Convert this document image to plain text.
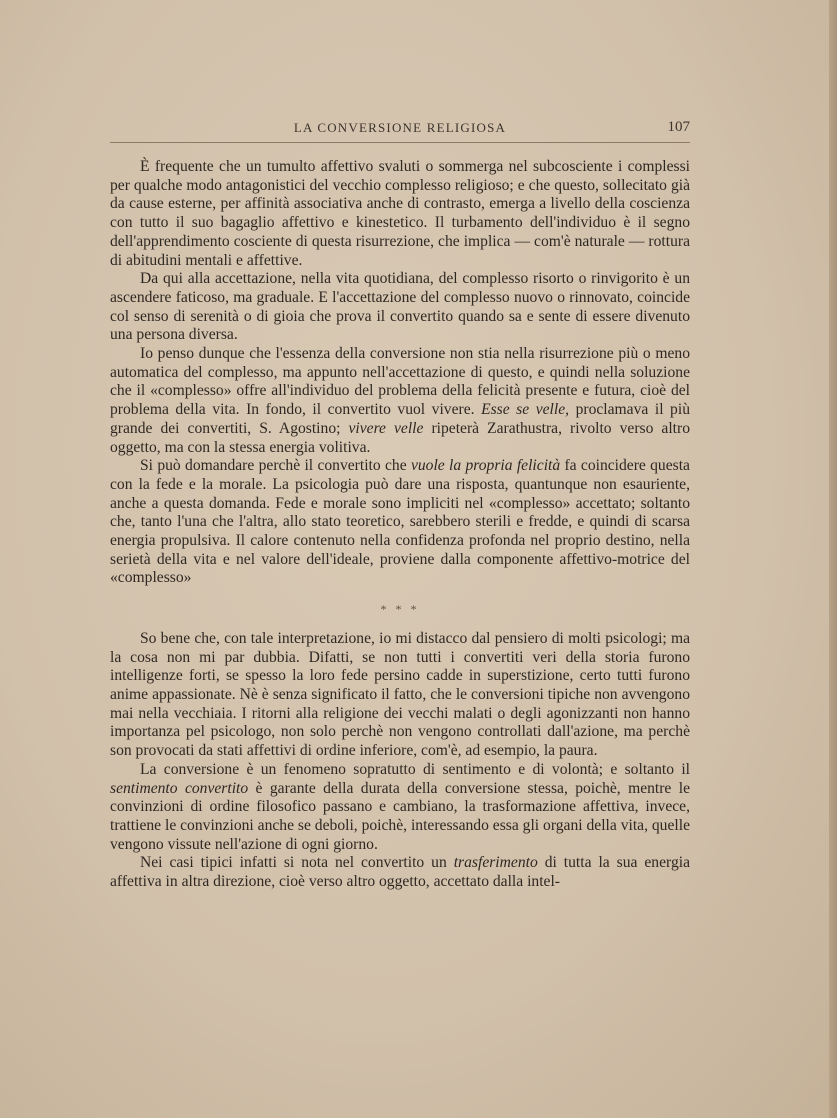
LA CONVERSIONE RELIGIOSA	107

È frequente che un tumulto affettivo svaluti o sommerga nel subcosciente i complessi per qualche modo antagonistici del vecchio complesso religioso; e che questo, sollecitato già da cause esterne, per affinità associativa anche di contrasto, emerga a livello della coscienza con tutto il suo bagaglio affettivo e kinestetico. Il turbamento dell'individuo è il segno dell'apprendimento cosciente di questa risurrezione, che implica — com'è naturale — rottura di abitudini mentali e affettive.

Da qui alla accettazione, nella vita quotidiana, del complesso risorto o rinvigorito è un ascendere faticoso, ma graduale. E l'accettazione del complesso nuovo o rinnovato, coincide col senso di serenità o di gioia che prova il convertito quando sa e sente di essere divenuto una persona diversa.

Io penso dunque che l'essenza della conversione non stia nella risurrezione più o meno automatica del complesso, ma appunto nell'accettazione di questo, e quindi nella soluzione che il «complesso» offre all'individuo del problema della felicità presente e futura, cioè del problema della vita. In fondo, il convertito vuol vivere. Esse se velle, proclamava il più grande dei convertiti, S. Agostino; vivere velle ripeterà Zarathustra, rivolto verso altro oggetto, ma con la stessa energia volitiva.

Si può domandare perchè il convertito che vuole la propria felicità fa coincidere questa con la fede e la morale. La psicologia può dare una risposta, quantunque non esauriente, anche a questa domanda. Fede e morale sono impliciti nel «complesso» accettato; soltanto che, tanto l'una che l'altra, allo stato teoretico, sarebbero sterili e fredde, e quindi di scarsa energia propulsiva. Il calore contenuto nella confidenza profonda nel proprio destino, nella serietà della vita e nel valore dell'ideale, proviene dalla componente affettivo-motrice del «complesso»

* * *

So bene che, con tale interpretazione, io mi distacco dal pensiero di molti psicologi; ma la cosa non mi par dubbia. Difatti, se non tutti i convertiti veri della storia furono intelligenze forti, se spesso la loro fede persino cadde in superstizione, certo tutti furono anime appassionate. Nè è senza significato il fatto, che le conversioni tipiche non avvengono mai nella vecchiaia. I ritorni alla religione dei vecchi malati o degli agonizzanti non hanno importanza pel psicologo, non solo perchè non vengono controllati dall'azione, ma perchè son provocati da stati affettivi di ordine inferiore, com'è, ad esempio, la paura.

La conversione è un fenomeno sopratutto di sentimento e di volontà; e soltanto il sentimento convertito è garante della durata della conversione stessa, poichè, mentre le convinzioni di ordine filosofico passano e cambiano, la trasformazione affettiva, invece, trattiene le convinzioni anche se deboli, poichè, interessando essa gli organi della vita, quelle vengono vissute nell'azione di ogni giorno.

Nei casi tipici infatti si nota nel convertito un trasferimento di tutta la sua energia affettiva in altra direzione, cioè verso altro oggetto, accettato dalla intel-
